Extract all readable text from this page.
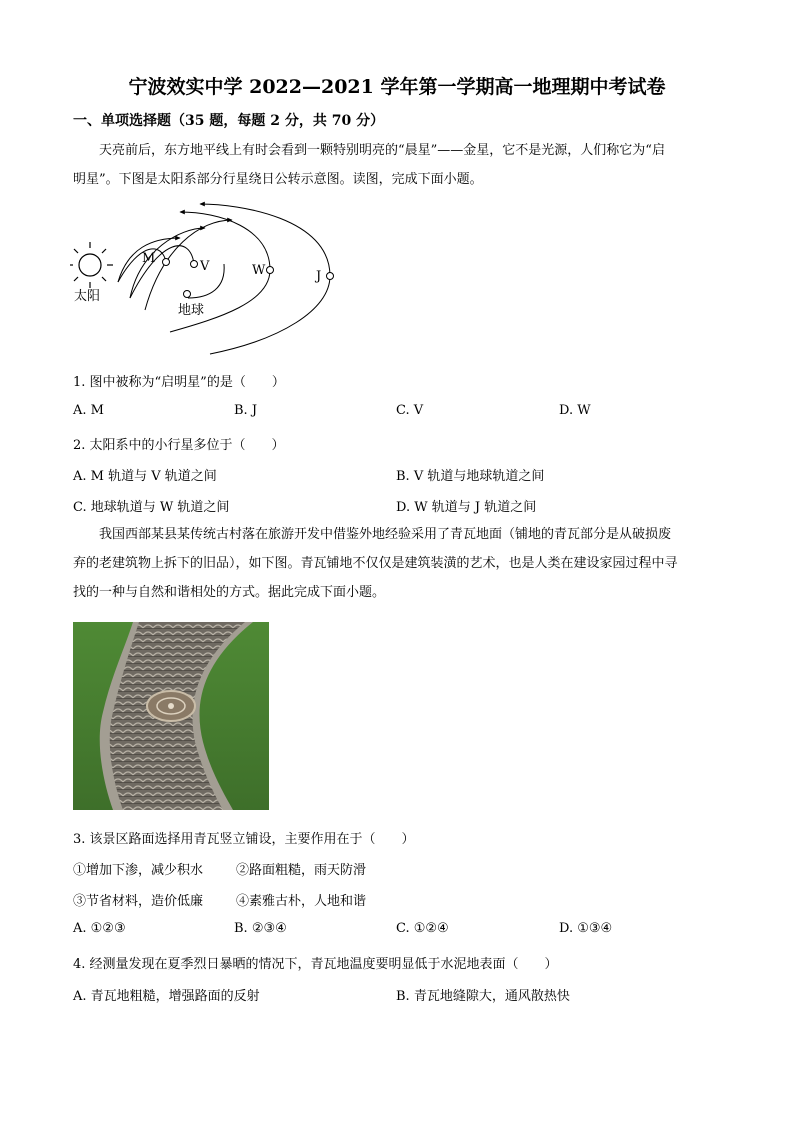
宁波效实中学 2022—2021 学年第一学期高一地理期中考试卷
一、单项选择题（35 题，每题 2 分，共 70 分）
天亮前后，东方地平线上有时会看到一颗特别明亮的“晨星”——金星，它不是光源，人们称它为“启
明星”。下图是太阳系部分行星绕日公转示意图。读图，完成下面小题。
太阳
M
V	W	J
地球
1. 图中被称为“启明星”的是（　　）
A. M	B. J	C. V	D. W
2. 太阳系中的小行星多位于（　　）
A. M 轨道与 V 轨道之间	B. V 轨道与地球轨道之间
C. 地球轨道与 W 轨道之间	D. W 轨道与 J 轨道之间
我国西部某县某传统古村落在旅游开发中借鉴外地经验采用了青瓦地面（铺地的青瓦部分是从破损废
弃的老建筑物上拆下的旧品），如下图。青瓦铺地不仅仅是建筑装潢的艺术，也是人类在建设家园过程中寻
找的一种与自然和谐相处的方式。据此完成下面小题。
3. 该景区路面选择用青瓦竖立铺设，主要作用在于（　　）
①增加下渗，减少积水	②路面粗糙，雨天防滑
③节省材料，造价低廉	④素雅古朴，人地和谐
A. ①②③	B. ②③④	C. ①②④	D. ①③④
4. 经测量发现在夏季烈日暴晒的情况下，青瓦地温度要明显低于水泥地表面（　　）
A. 青瓦地粗糙，增强路面的反射	B. 青瓦地缝隙大，通风散热快
